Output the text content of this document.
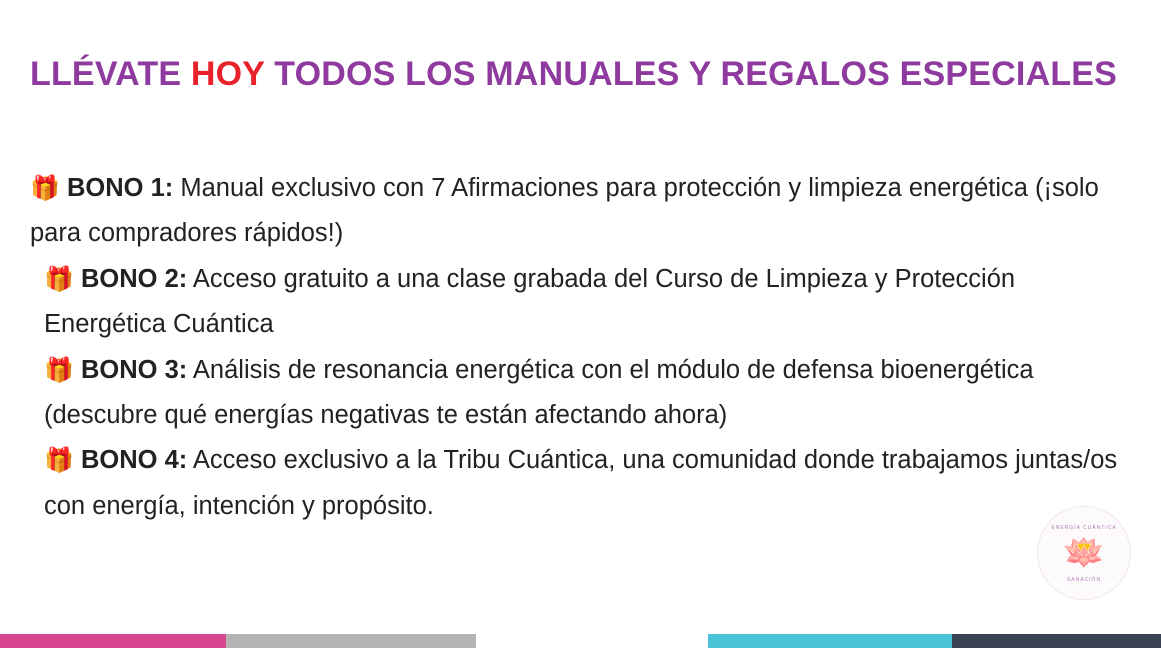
LLÉVATE HOY TODOS LOS MANUALES Y REGALOS ESPECIALES
🎁 BONO 1: Manual exclusivo con 7 Afirmaciones para protección y limpieza energética (¡solo para compradores rápidos!)
🎁 BONO 2: Acceso gratuito a una clase grabada del Curso de Limpieza y Protección Energética Cuántica
🎁 BONO 3: Análisis de resonancia energética con el módulo de defensa bioenergética (descubre qué energías negativas te están afectando ahora)
🎁 BONO 4: Acceso exclusivo a la Tribu Cuántica, una comunidad donde trabajamos juntas/os con energía, intención y propósito.
ENERGÍA CUÁNTICA
🪷
SANACIÓN
